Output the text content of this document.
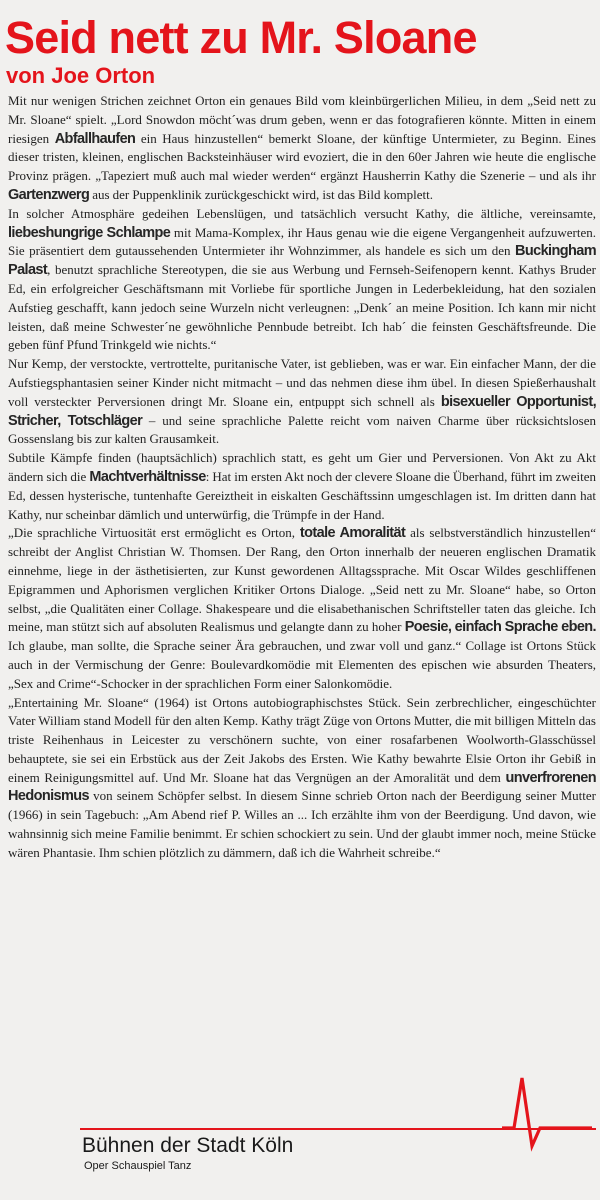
Seid nett zu Mr. Sloane
von Joe Orton

Mit nur wenigen Strichen zeichnet Orton ein genaues Bild vom kleinbürgerlichen Milieu, in dem „Seid nett zu Mr. Sloane“ spielt. „Lord Snowdon möcht´was drum geben, wenn er das fotografieren könnte. Mitten in einem riesigen Abfallhaufen ein Haus hinzustellen“ bemerkt Sloane, der künftige Untermieter, zu Beginn. Eines dieser tristen, kleinen, englischen Backsteinhäuser wird evoziert, die in den 60er Jahren wie heute die englische Provinz prägen. „Tapeziert muß auch mal wieder werden“ ergänzt Hausherrin Kathy die Szenerie – und als ihr Gartenzwerg aus der Puppenklinik zurückgeschickt wird, ist das Bild komplett.

In solcher Atmosphäre gedeihen Lebenslügen, und tatsächlich versucht Kathy, die ältliche, vereinsamte, liebeshungrige Schlampe mit Mama-Komplex, ihr Haus genau wie die eigene Vergangenheit aufzuwerten. Sie präsentiert dem gutaussehenden Untermieter ihr Wohnzimmer, als handele es sich um den Buckingham Palast, benutzt sprachliche Stereotypen, die sie aus Werbung und Fernseh-Seifenopern kennt. Kathys Bruder Ed, ein erfolgreicher Geschäftsmann mit Vorliebe für sportliche Jungen in Lederbekleidung, hat den sozialen Aufstieg geschafft, kann jedoch seine Wurzeln nicht verleugnen: „Denk´ an meine Position. Ich kann mir nicht leisten, daß meine Schwester´ne gewöhnliche Pennbude betreibt. Ich hab´ die feinsten Geschäftsfreunde. Die geben fünf Pfund Trinkgeld wie nichts.“

Nur Kemp, der verstockte, vertrottelte, puritanische Vater, ist geblieben, was er war. Ein einfacher Mann, der die Aufstiegsphantasien seiner Kinder nicht mitmacht – und das nehmen diese ihm übel. In diesen Spießerhaushalt voll versteckter Perversionen dringt Mr. Sloane ein, entpuppt sich schnell als bisexueller Opportunist, Stricher, Totschläger – und seine sprachliche Palette reicht vom naiven Charme über rücksichtslosen Gossenslang bis zur kalten Grausamkeit.

Subtile Kämpfe finden (hauptsächlich) sprachlich statt, es geht um Gier und Perversionen. Von Akt zu Akt ändern sich die Machtverhältnisse: Hat im ersten Akt noch der clevere Sloane die Überhand, führt im zweiten Ed, dessen hysterische, tuntenhafte Gereiztheit in eiskalten Geschäftssinn umgeschlagen ist. Im dritten dann hat Kathy, nur scheinbar dämlich und unterwürfig, die Trümpfe in der Hand.

„Die sprachliche Virtuosität erst ermöglicht es Orton, totale Amoralität als selbstverständlich hinzustellen“ schreibt der Anglist Christian W. Thomsen. Der Rang, den Orton innerhalb der neueren englischen Dramatik einnehme, liege in der ästhetisierten, zur Kunst gewordenen Alltagssprache. Mit Oscar Wildes geschliffenen Epigrammen und Aphorismen verglichen Kritiker Ortons Dialoge. „Seid nett zu Mr. Sloane“ habe, so Orton selbst, „die Qualitäten einer Collage. Shakespeare und die elisabethanischen Schriftsteller taten das gleiche. Ich meine, man stützt sich auf absoluten Realismus und gelangte dann zu hoher Poesie, einfach Sprache eben. Ich glaube, man sollte, die Sprache seiner Ära gebrauchen, und zwar voll und ganz.“ Collage ist Ortons Stück auch in der Vermischung der Genre: Boulevardkomödie mit Elementen des epischen wie absurden Theaters, „Sex and Crime“-Schocker in der sprachlichen Form einer Salonkomödie.

„Entertaining Mr. Sloane“ (1964) ist Ortons autobiographischstes Stück. Sein zerbrechlicher, eingeschüchter Vater William stand Modell für den alten Kemp. Kathy trägt Züge von Ortons Mutter, die mit billigen Mitteln das triste Reihenhaus in Leicester zu verschönern suchte, von einer rosafarbenen Woolworth-Glasschüssel behauptete, sie sei ein Erbstück aus der Zeit Jakobs des Ersten. Wie Kathy bewahrte Elsie Orton ihr Gebiß in einem Reinigungsmittel auf. Und Mr. Sloane hat das Vergnügen an der Amoralität und dem unverfrorenen Hedonismus von seinem Schöpfer selbst. In diesem Sinne schrieb Orton nach der Beerdigung seiner Mutter (1966) in sein Tagebuch: „Am Abend rief P. Willes an ... Ich erzählte ihm von der Beerdigung. Und davon, wie wahnsinnig sich meine Familie benimmt. Er schien schockiert zu sein. Und der glaubt immer noch, meine Stücke wären Phantasie. Ihm schien plötzlich zu dämmern, daß ich die Wahrheit schreibe.“

Bühnen der Stadt Köln
Oper Schauspiel Tanz
